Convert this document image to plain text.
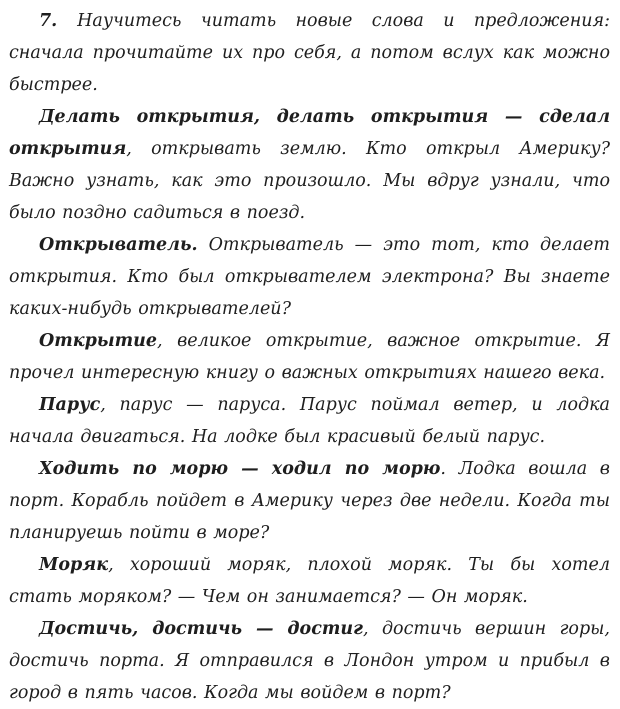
7. Научитесь читать новые слова и предложения: сначала прочитайте их про себя, а потом вслух как можно быстрее.

Делать открытия, делать открытия — сделал открытия, открывать землю. Кто открыл Америку? Важно узнать, как это произошло. Мы вдруг узнали, что было поздно садиться в поезд.

Открыватель. Открыватель — это тот, кто делает открытия. Кто был открывателем электрона? Вы знаете каких-нибудь открывателей?

Открытие, великое открытие, важное открытие. Я прочел интересную книгу о важных открытиях нашего века.

Парус, парус — паруса. Парус поймал ветер, и лодка начала двигаться. На лодке был красивый белый парус.

Ходить по морю — ходил по морю. Лодка вошла в порт. Корабль пойдет в Америку через две недели. Когда ты планируешь пойти в море?

Моряк, хороший моряк, плохой моряк. Ты бы хотел стать моряком? — Чем он занимается? — Он моряк.

Достичь, достичь — достиг, достичь вершин горы, достичь порта. Я отправился в Лондон утром и прибыл в город в пять часов. Когда мы войдем в порт?
